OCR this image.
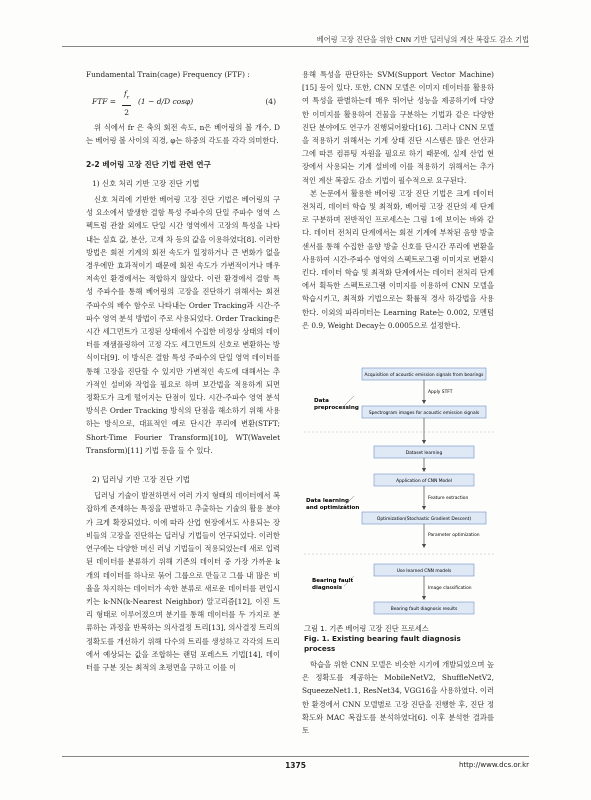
베어링 고장 진단을 위한 CNN 기반 딥러닝의 계산 복잡도 감소 기법

Fundamental Train(cage) Frequency (FTF) :

FTF = $\frac{f_r}{2} (1 - d/D$ cosφ)	(4)

위 식에서 fr 은 축의 회전 속도, n은 베어링의 볼 개수, D는 베어링 볼 사이의 직경, φ는 하중의 각도를 각각 의미한다.

2-2 베어링 고장 진단 기법 관련 연구
1) 신호 처리 기반 고장 진단 기법

신호 처리에 기반한 베어링 고장 진단 기법은 베어링의 구성 요소에서 발생한 결함 특성 주파수의 단일 주파수 영역 스펙트럼 관찰 외에도 단일 시간 영역에서 고장의 특성을 나타내는 실효 값, 분산, 고재 차 등의 값을 이용하였다[8]. 이러한 방법은 회전 기계의 회전 속도가 일정하거나 큰 변화가 없을 경우에만 효과적이기 때문에 회전 속도가 가변적이거나 매우 저속인 환경에서는 적합하지 않았다. 이런 환경에서 결함 특성 주파수를 통해 베어링의 고장을 진단하기 위해서는 회전 주파수의 배수 함수로 나타내는 Order Tracking과 시간-주파수 영역 분석 방법이 주로 사용되었다. Order Tracking은 시간 세그먼트가 고정된 상태에서 수집한 비정상 상태의 데이터를 재샘플링하여 고정 각도 세그먼트의 신호로 변환하는 방식이다[9]. 이 방식은 결함 특성 주파수의 단일 영역 데이터를 통해 고장을 진단할 수 있지만 가변적인 속도에 대해서는 추가적인 설비와 작업을 필요로 하며 보간법을 적용하게 되면 정확도가 크게 떨어지는 단점이 있다. 시간-주파수 영역 분석 방식은 Order Tracking 방식의 단점을 해소하기 위해 사용하는 방식으로, 대표적인 예로 단시간 푸리에 변환(STFT; Short-Time Fourier Transform)[10], WT(Wavelet Transform)[11] 기법 등을 들 수 있다.

2) 딥러닝 기반 고장 진단 기법

딥러닝 기술이 발전하면서 여러 가지 형태의 데이터에서 복잡하게 존재하는 특징을 판별하고 추출하는 기술의 활용 분야가 크게 확장되었다. 이에 따라 산업 현장에서도 사용되는 장비들의 고장을 진단하는 딥러닝 기법들이 연구되었다. 이러한 연구에는 다양한 머신 러닝 기법들이 적용되었는데 새로 입력된 데이터를 분류하기 위해 기존의 데이터 중 가장 가까운 k개의 데이터를 하나로 묶어 그룹으로 만들고 그룹 내 많은 비율을 차지하는 데이터가 속한 분류로 새로운 데이터를 편입시키는 k-NN(k-Nearest Neighbor) 알고리즘[12], 이진 트리 형태로 이루어졌으며 분기를 통해 데이터를 두 가지로 분류하는 과정을 반복하는 의사결정 트리[13], 의사결정 트리의 정확도를 개선하기 위해 다수의 트리를 생성하고 각각의 트리에서 예상되는 값을 조합하는 랜덤 포레스트 기법[14], 데이터를 구분 짓는 최적의 초평면을 구하고 이를 이

용해 특성을 판단하는 SVM(Support Vector Machine)[15] 등이 있다. 또한, CNN 모델은 이미지 데이터를 활용하여 특성을 판별하는데 매우 뛰어난 성능을 제공하기에 다양한 이미지를 활용하여 건물을 구분하는 기법과 같은 다양한 진단 분야에도 연구가 진행되어왔다[16]. 그러나 CNN 모델을 적용하기 위해서는 기계 상태 진단 시스템은 많은 연산과 그에 따른 컴퓨팅 자원을 필요로 하기 때문에, 실제 산업 현장에서 사용되는 기계 설비에 이를 적용하기 위해서는 추가적인 계산 복잡도 감소 기법이 필수적으로 요구된다.

본 논문에서 활용한 베어링 고장 진단 기법은 크게 데이터 전처리, 데이터 학습 및 최적화, 베어링 고장 진단의 세 단계로 구분하며 전반적인 프로세스는 그림 1에 보이는 바와 같다. 데이터 전처리 단계에서는 회전 기계에 부착된 음향 방출 센서를 통해 수집한 음향 방출 신호를 단시간 푸리에 변환을 사용하여 시간-주파수 영역의 스펙트로그램 이미지로 변환시킨다. 데이터 학습 및 최적화 단계에서는 데이터 전처리 단계에서 획득한 스펙트로그램 이미지를 이용하여 CNN 모델을 학습시키고, 최적화 기법으로는 확률적 경사 하강법을 사용한다. 이외의 파라미터는 Learning Rate는 0.002, 모멘텀은 0.9, Weight Decay는 0.0005으로 설정한다.

Data preprocessing
Data learning and optimization
Bearing fault diagnosis
Acquisition of acoustic emission signals from bearings
Apply STFT
Spectrogram images for acoustic emission signals
Dataset learning
Application of CNN Model
Feature extraction
Optimization(Stochastic Gradient Descent)
Parameter optimization
Use learned CNN models
Image classification
Bearing fault diagnosis results
그림 1. 기존 베어링 고장 진단 프로세스
Fig. 1. Existing bearing fault diagnosis process

학습을 위한 CNN 모델은 비슷한 시기에 개발되었으며 높은 정확도를 제공하는 MobileNetV2, ShuffleNetV2, SqueezeNet1.1, ResNet34, VGG16을 사용하였다. 이러한 환경에서 CNN 모델별로 고장 진단을 진행한 후, 진단 정확도와 MAC 복잡도를 분석하였다[6]. 이후 분석한 결과를 토

1375	http://www.dcs.or.kr
